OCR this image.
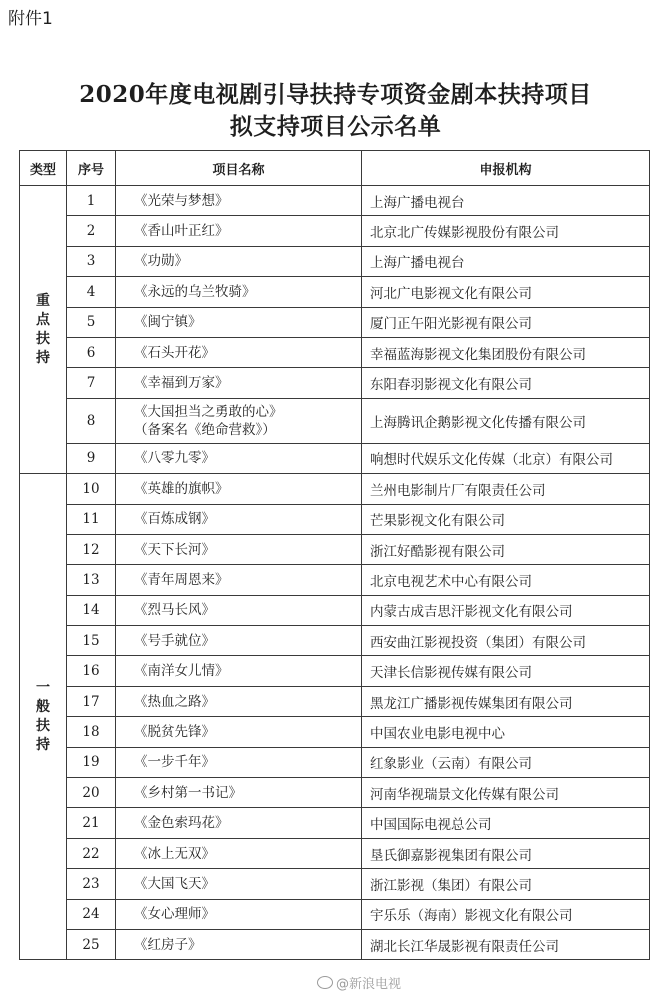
附件1
2020年度电视剧引导扶持专项资金剧本扶持项目
拟支持项目公示名单
类型	序号	项目名称	申报机构
重
点
扶
持	1	《光荣与梦想》	上海广播电视台
	2	《香山叶正红》	北京北广传媒影视股份有限公司
	3	《功勋》	上海广播电视台
	4	《永远的乌兰牧骑》	河北广电影视文化有限公司
	5	《闽宁镇》	厦门正午阳光影视有限公司
	6	《石头开花》	幸福蓝海影视文化集团股份有限公司
	7	《幸福到万家》	东阳春羽影视文化有限公司
	8	《大国担当之勇敢的心》
（备案名《绝命营救》）	上海腾讯企鹅影视文化传播有限公司
	9	《八零九零》	响想时代娱乐文化传媒（北京）有限公司
一
般
扶
持	10	《英雄的旗帜》	兰州电影制片厂有限责任公司
	11	《百炼成钢》	芒果影视文化有限公司
	12	《天下长河》	浙江好酷影视有限公司
	13	《青年周恩来》	北京电视艺术中心有限公司
	14	《烈马长风》	内蒙古成吉思汗影视文化有限公司
	15	《号手就位》	西安曲江影视投资（集团）有限公司
	16	《南洋女儿情》	天津长信影视传媒有限公司
	17	《热血之路》	黑龙江广播影视传媒集团有限公司
	18	《脱贫先锋》	中国农业电影电视中心
	19	《一步千年》	红象影业（云南）有限公司
	20	《乡村第一书记》	河南华视瑞景文化传媒有限公司
	21	《金色索玛花》	中国国际电视总公司
	22	《冰上无双》	垦氏御嘉影视集团有限公司
	23	《大国飞天》	浙江影视（集团）有限公司
	24	《女心理师》	宇乐乐（海南）影视文化有限公司
	25	《红房子》	湖北长江华晟影视有限责任公司
@新浪电视
